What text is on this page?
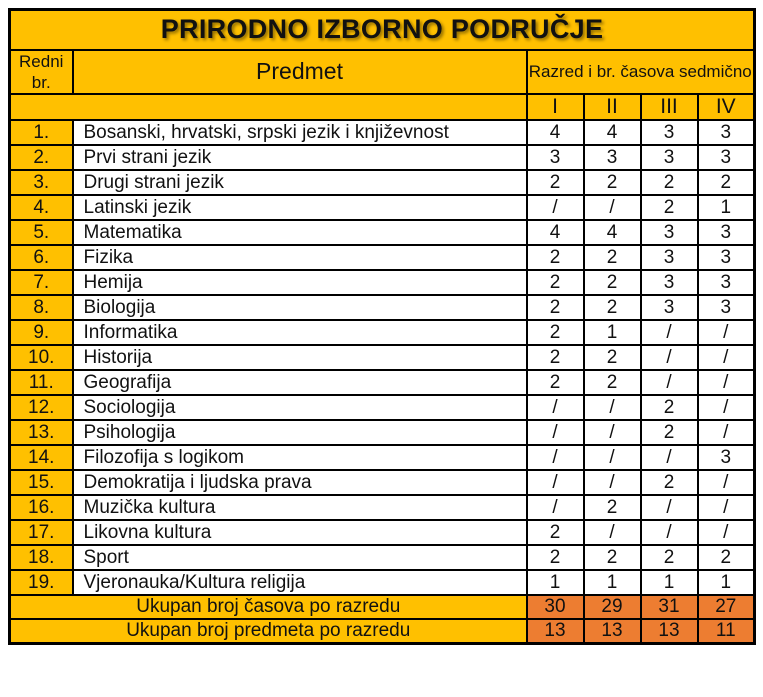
PRIRODNO IZBORNO PODRUČJE					
Redni br.	Predmet	Razred i br. časova sedmično			
		I	II	III	IV
1.	Bosanski, hrvatski, srpski jezik i književnost	4	4	3	3
2.	Prvi strani jezik	3	3	3	3
3.	Drugi strani jezik	2	2	2	2
4.	Latinski jezik	/	/	2	1
5.	Matematika	4	4	3	3
6.	Fizika	2	2	3	3
7.	Hemija	2	2	3	3
8.	Biologija	2	2	3	3
9.	Informatika	2	1	/	/
10.	Historija	2	2	/	/
11.	Geografija	2	2	/	/
12.	Sociologija	/	/	2	/
13.	Psihologija	/	/	2	/
14.	Filozofija s logikom	/	/	/	3
15.	Demokratija i ljudska prava	/	/	2	/
16.	Muzička kultura	/	2	/	/
17.	Likovna kultura	2	/	/	/
18.	Sport	2	2	2	2
19.	Vjeronauka/Kultura religija	1	1	1	1
Ukupan broj časova po razredu		30	29	31	27
Ukupan broj predmeta po razredu		13	13	13	11
